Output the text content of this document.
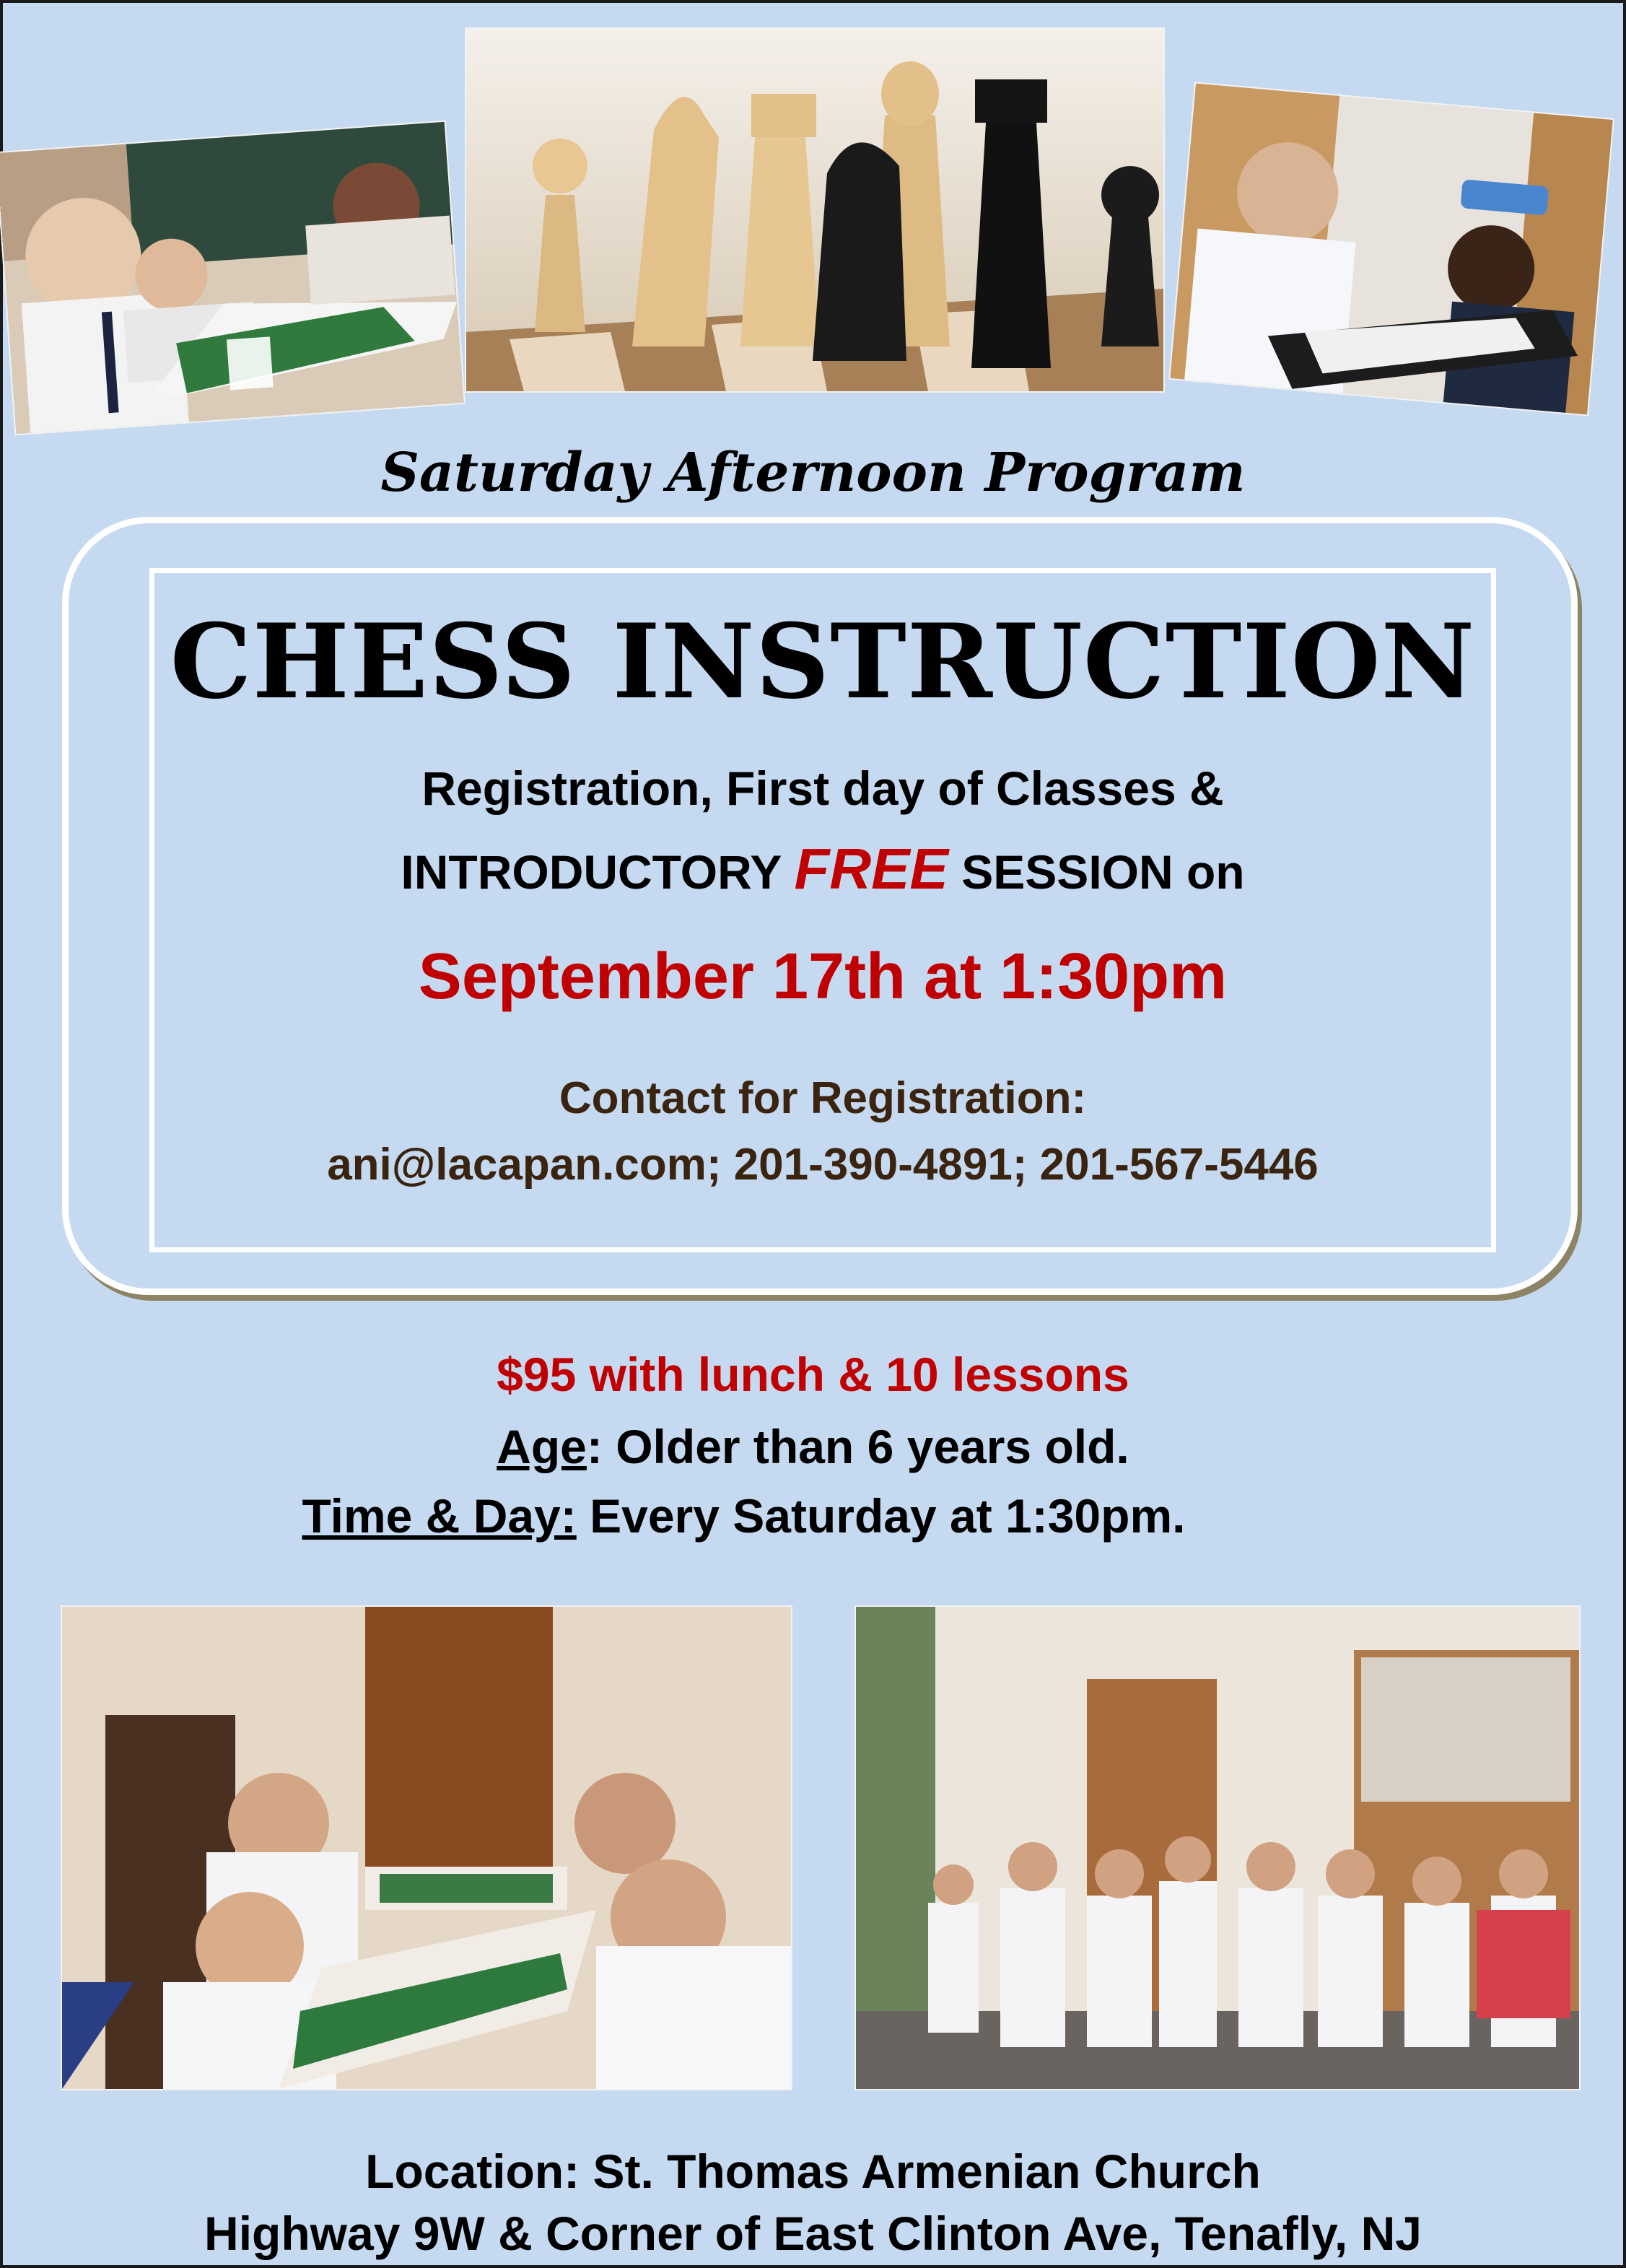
Saturday Afternoon Program
CHESS INSTRUCTION
Registration, First day of Classes &
INTRODUCTORY FREE SESSION on
September 17th at 1:30pm
Contact for Registration:
ani@lacapan.com; 201-390-4891; 201-567-5446
$95 with lunch & 10 lessons
Age: Older than 6 years old.
Time & Day: Every Saturday at 1:30pm.
Location: St. Thomas Armenian Church
Highway 9W & Corner of East Clinton Ave, Tenafly, NJ
